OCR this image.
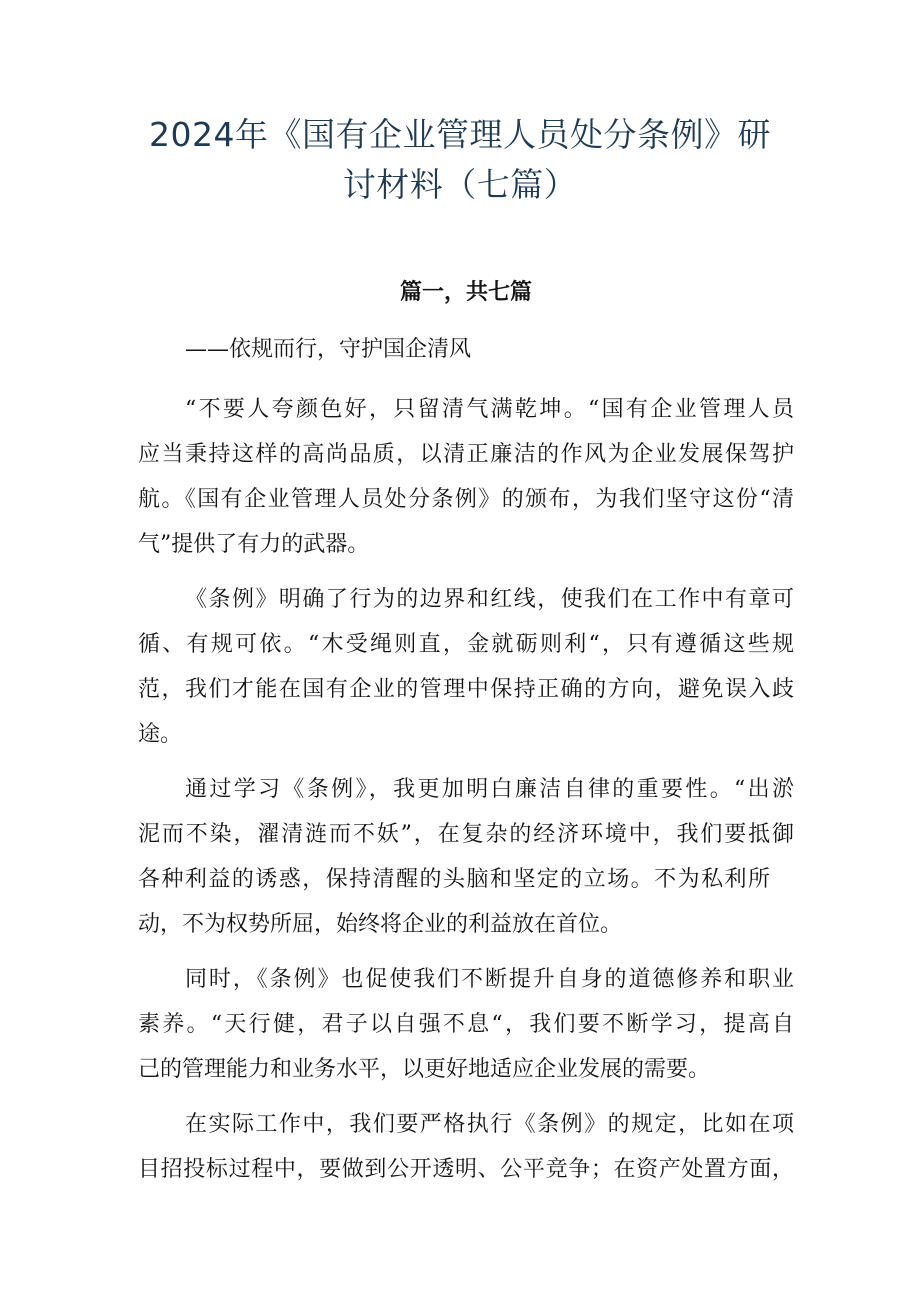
2024年《国有企业管理人员处分条例》研
讨材料（七篇）
篇一，共七篇
——依规而行，守护国企清风
“不要人夸颜色好，只留清气满乾坤。“国有企业管理人员
应当秉持这样的高尚品质，以清正廉洁的作风为企业发展保驾护
航。《国有企业管理人员处分条例》的颁布，为我们坚守这份“清
气”提供了有力的武器。
《条例》明确了行为的边界和红线，使我们在工作中有章可
循、有规可依。“木受绳则直，金就砺则利“，只有遵循这些规
范，我们才能在国有企业的管理中保持正确的方向，避免误入歧
途。
通过学习《条例》，我更加明白廉洁自律的重要性。“出淤
泥而不染，濯清涟而不妖”，在复杂的经济环境中，我们要抵御
各种利益的诱惑，保持清醒的头脑和坚定的立场。不为私利所
动，不为权势所屈，始终将企业的利益放在首位。
同时，《条例》也促使我们不断提升自身的道德修养和职业
素养。“天行健，君子以自强不息“，我们要不断学习，提高自
己的管理能力和业务水平，以更好地适应企业发展的需要。
在实际工作中，我们要严格执行《条例》的规定，比如在项
目招投标过程中，要做到公开透明、公平竞争；在资产处置方面，
